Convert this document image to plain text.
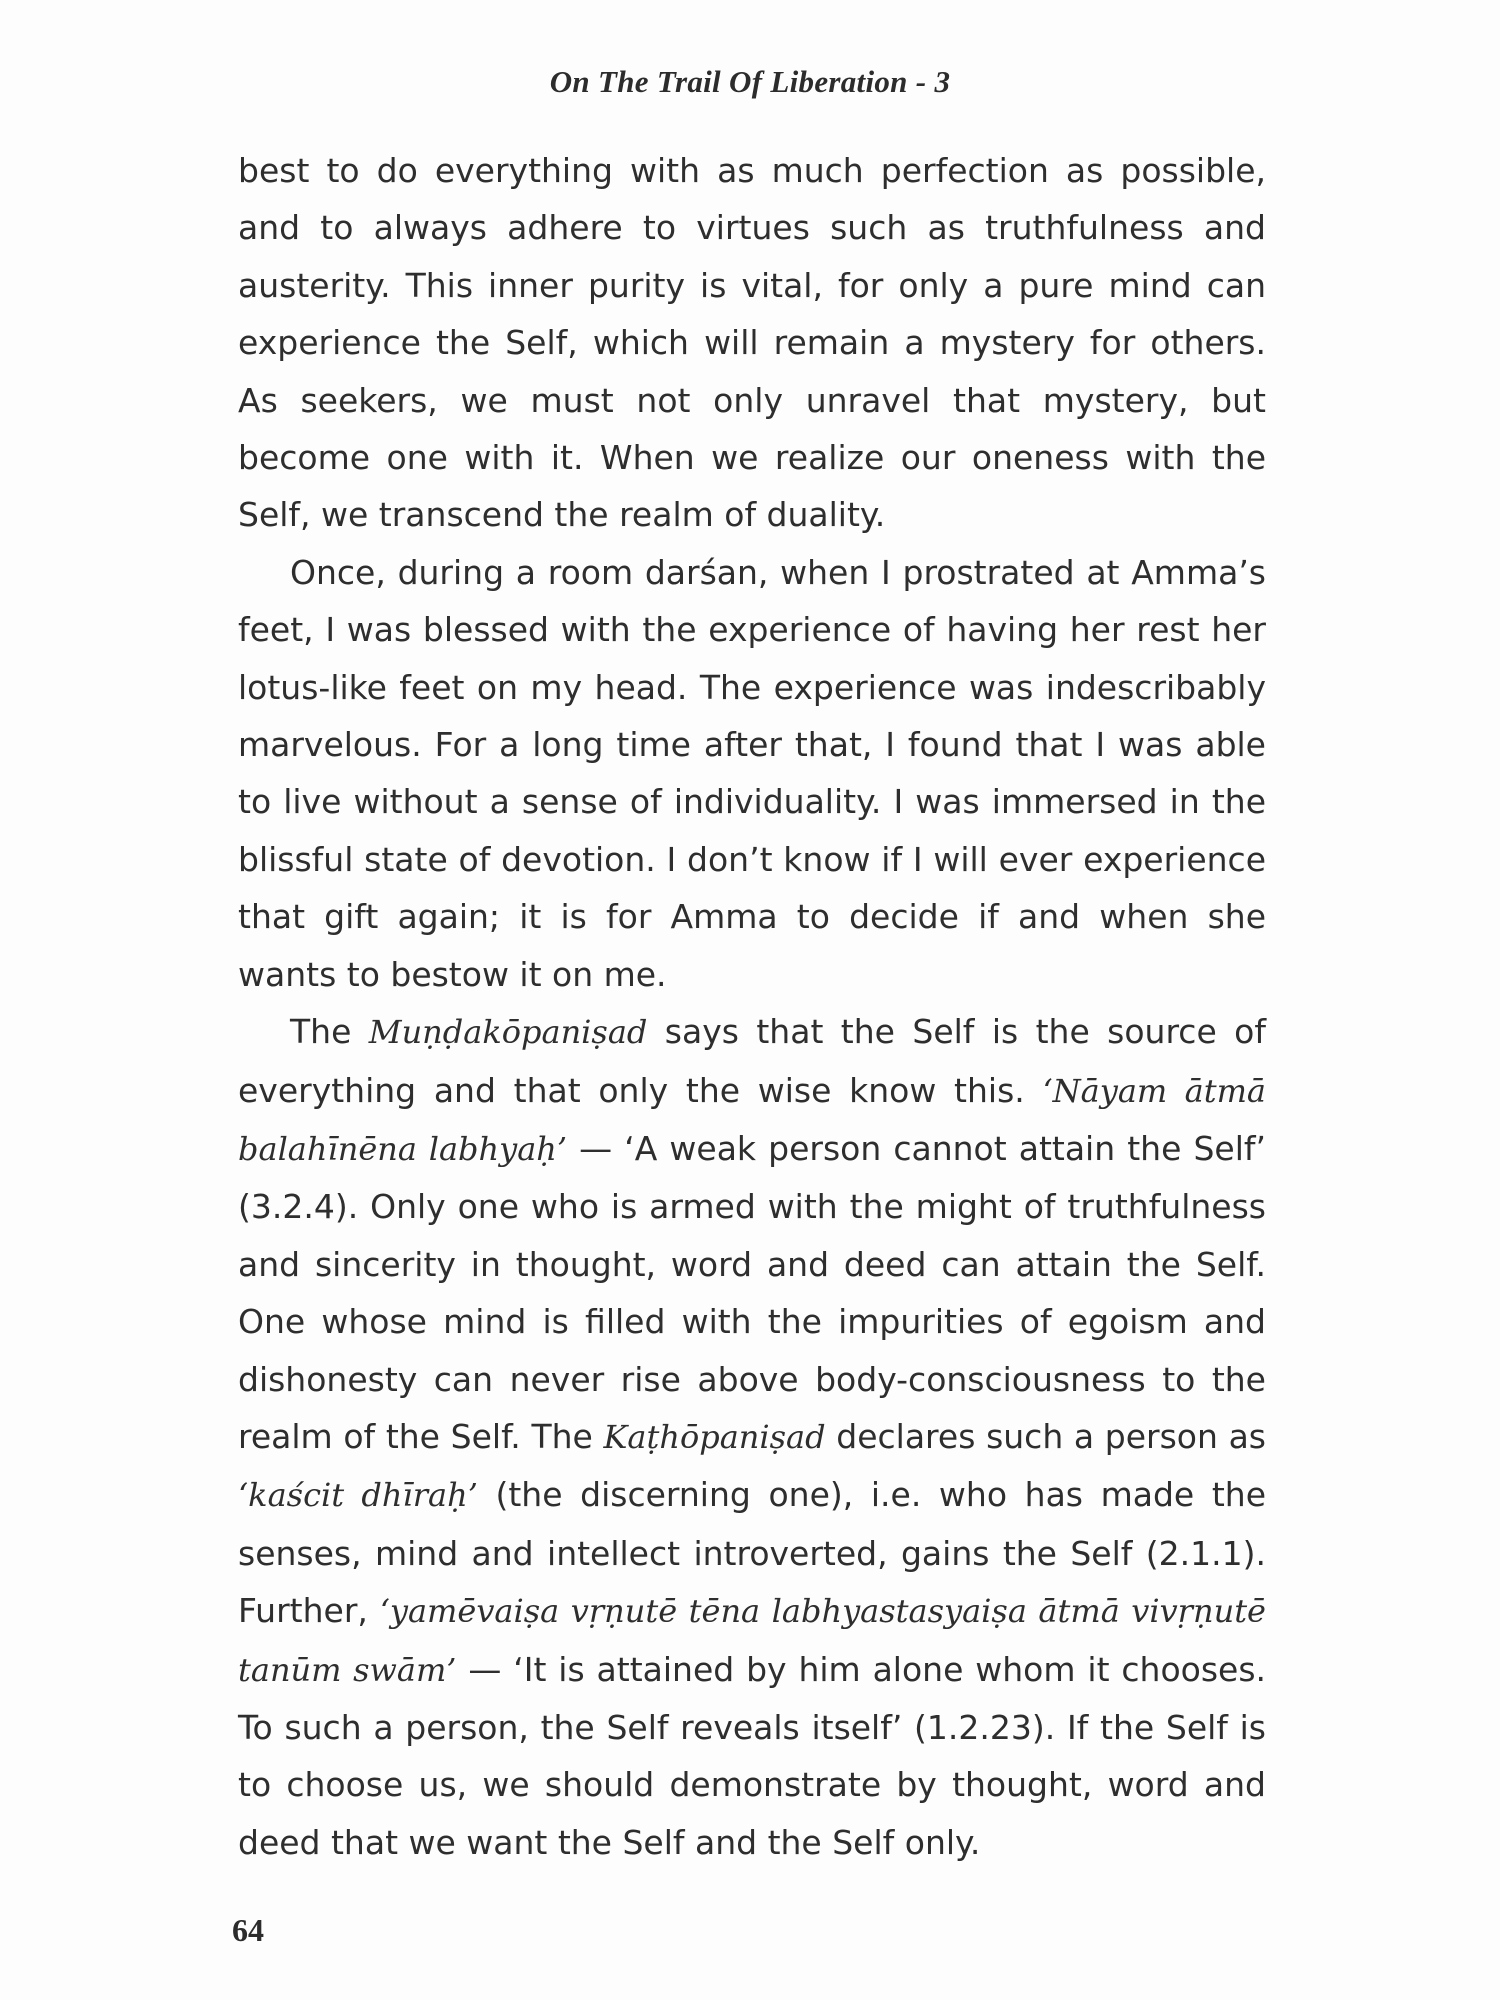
On The Trail Of Liberation - 3

best to do everything with as much perfection as possible, and to always adhere to virtues such as truthfulness and austerity. This inner purity is vital, for only a pure mind can experience the Self, which will remain a mystery for others. As seekers, we must not only unravel that mystery, but become one with it. When we realize our oneness with the Self, we transcend the realm of duality.

Once, during a room darśan, when I prostrated at Amma’s feet, I was blessed with the experience of having her rest her lotus-like feet on my head. The experience was indescribably marvelous. For a long time after that, I found that I was able to live without a sense of individuality. I was immersed in the blissful state of devotion. I don’t know if I will ever experience that gift again; it is for Amma to decide if and when she wants to bestow it on me.

The Muṇḍakōpaniṣad says that the Self is the source of everything and that only the wise know this. ‘Nāyam ātmā balahīnēna labhyaḥ’ — ‘A weak person cannot attain the Self’ (3.2.4). Only one who is armed with the might of truthfulness and sincerity in thought, word and deed can attain the Self. One whose mind is filled with the impurities of egoism and dishonesty can never rise above body-consciousness to the realm of the Self. The Kaṭhōpaniṣad declares such a person as ‘kaścit dhīraḥ’ (the discerning one), i.e. who has made the senses, mind and intellect introverted, gains the Self (2.1.1). Further, ‘yamēvaiṣa vṛṇutē tēna labhyastasyaiṣa ātmā vivṛṇutē tanūm swām’ — ‘It is attained by him alone whom it chooses. To such a person, the Self reveals itself’ (1.2.23). If the Self is to choose us, we should demonstrate by thought, word and deed that we want the Self and the Self only.

64
